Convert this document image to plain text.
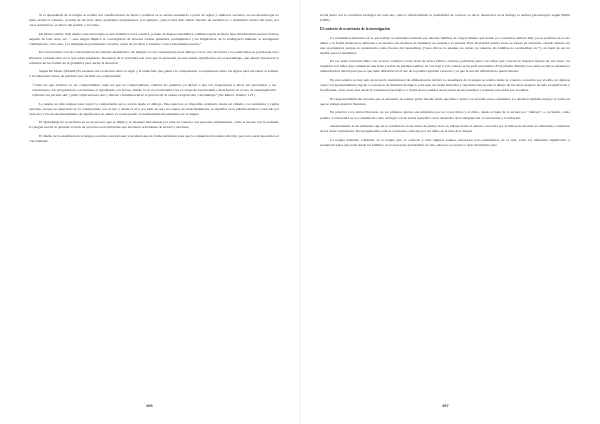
Si el aprendizaje de la lengua se realiza con clasificaciones de letras o palabras se le estaría enseñando a partir de reglas y símbolos cerrados, en esa metodología no tiene cavida el contexto. A partir de un texto dado, podríamos preguntarnos, por ejemplo, ¿qué es más útil? relizar listados de sustantivos, o sustituirlos dentro del texto, por otros sustantivos, en busca del sentido y la forma.

De Mauro (idem: 106) explica que una lengua es una semiótica nova creativa, porque de manera sistemática combina reglas erróneas fijas introduciendo nuevas formas, dejando de lado otras, etc. “...una lengua implica la convergencia de diversas formas generales, prelingüística y no lingüísticas, de la inteligencia humana: la inteligencia combinatoria, claro está, y la inteligencia propiamente creativa, capaz de producir y entender cosas radicalmente nuevas.”

En concordancia con las características del cilindro matemático, las lenguas se van construyendo en el diálogo con el otro; las frases y los enunciados se posicionan en la situación comunicativa en la que están surgiendo. Necesitan de la actividad real para que la ejecución escolar resulte significativa en el aprendizaje, que deberá involucrar la reflexión en las formas de la gramática para anclar la situación.

Según De Mauro (ibidem) Es bastante sus la relación entre el signo y el enunciado que guían a la comprensión, la experiencia entre los signos para encontrar el sentido, y las diferentes clases de palabras para facilitar esa comprensión:

“Cada vez que tenemos no ser comprendidos, cada vez que no comprendemos, citamos las palabras ya dichas o que nos proponemos a decir, los ejecutamos y las comentamos, nos preguntamos o aclaramos el significado y la forma. Dando lo no no-creatividad crea el riesgo de equivocidad y disociación en el uso, la metalingüística reflexiva nos permite dar y pedir explicaciones, dar y obtener claridad aclarar el proceso de la mutua comprensión y del diálogo” (De Mauro, Ibidem: 123 )

La lengua es más lenguas para lograr la comprensión en la acción desde el diálogo. Este ejercicio es imposible realizarlo desde un cilindro con resultados y reglas cerradas, porque un enunciado se va construyendo con el otro y desde el otro; por ende en solo no cuenta, no tiene finalmente, se significa en la palabra desde lo conocido por cada uno y en ese encadenamiento de significados se quiere va construyendo la indeterminación semántica de la lengua.

El aprendizaje de la escritura no es un proceso que se limite y se adquiere únicamente por estar en contacto con personas alfabetizadas, como sí sucede con la oralidad. La lengua escrita se aprende a través de procesos socioculturales que involucra actividades de lectura y escritura.

El diseño de la enseñanza de la lengua se realice asociaciones y sustituciones de forma pertinente para que la comunicación resulte efectiva, para esto serán necesarios el conocimiento

496

social junto con la condición biológica de cada uno, para ir transformando la posibilidad de conocer, es decir, desarrollar en el diálogo la aptitud gnoseológica según Bajtín (1995).

El contexto de ocurrencia de la investigación

La comunidad educativa en la que trabajo se encuentra formada por muchas familias de origen chileno que tienen por costumbre utilizar muy pocas palabras en el uso diario o la forma dialectal es diferente a la nuestra, sus maneras de enumerar se resaltan a la escuela. Esta diversidad resulta veces se tornan en obstáculo cuando debería ser una oportunidad, porque es considerada como fracaso del aprendizaje (“esos chicos no pueden, no saben, no quieren, las familias no acompañan, etc.”), en lugar de ser un desafío para la enseñanza.

En los aulas conviven niños con accesos variados a todo clase de textos (libros, revistas, películas) junto con niños que carecen de material letrado en sus casas; los segundos son niños que comunican una frase a través de palabras sueltas, en voz baja y sólo cuando se les pide que hablen. El problema dialéctico se centra es llevar adelante la alfabetización inicial para que el que tiene dificultad en el uso de la palabra aprenda a hacerlo y el que la usa sin dificultad no pierda interés.

En este sentido no hay aún un proyecto institucional de alfabetización inicial. La enseñanza de la lengua se realiza desde el contexto conocido por el niño, en algunos casos con apresuramiento, ligado a conceptos de madurez biológica, para qué, de forma metódica y repetitiva incorporan el dibujo de las letras dejando de lado el significado y la reflexión, otras veces está desde la conciencia fonológica, a través de los sonidos de las letras en sus nombres y palabras conocidas por los niños.

Es responsabilidad del docente que se encuentra en primer grado decidir desde qué marco teórico se abordan estos contenidos. La decisión también incluye la forma en que se trabaja desde la literatura.

En relación a los textos literarios, en los primeros grados son utilizados por los roces libros y el ritmo, desde el lugar de la lectura por “disfrute”, o, inclusive, como premio. La literatura no es considerada como un lugar con un status específico en el desarrollo de la imaginación, la autonomía y la reflexión.

Anteriormente se ha planteado que en la actualidad, en las aulas de primer ciclo se trabaja desde el entorno conocido por el niño para abordar los diferentes contenidos de las áreas curriculares. Nos preguntamos cuál es el entorno conocido por los niños en el área de la lengua.

La lengua primaria, cotidiana, es la lengua que ya conocen y sabe algunos asuntos necesarios para entendernos en el aula, sobre los diferentes significados y pronunciaciones que traen desde las familias, no es necesario profundizar en ella, entonces se recurre a otras disciplinas para

497
